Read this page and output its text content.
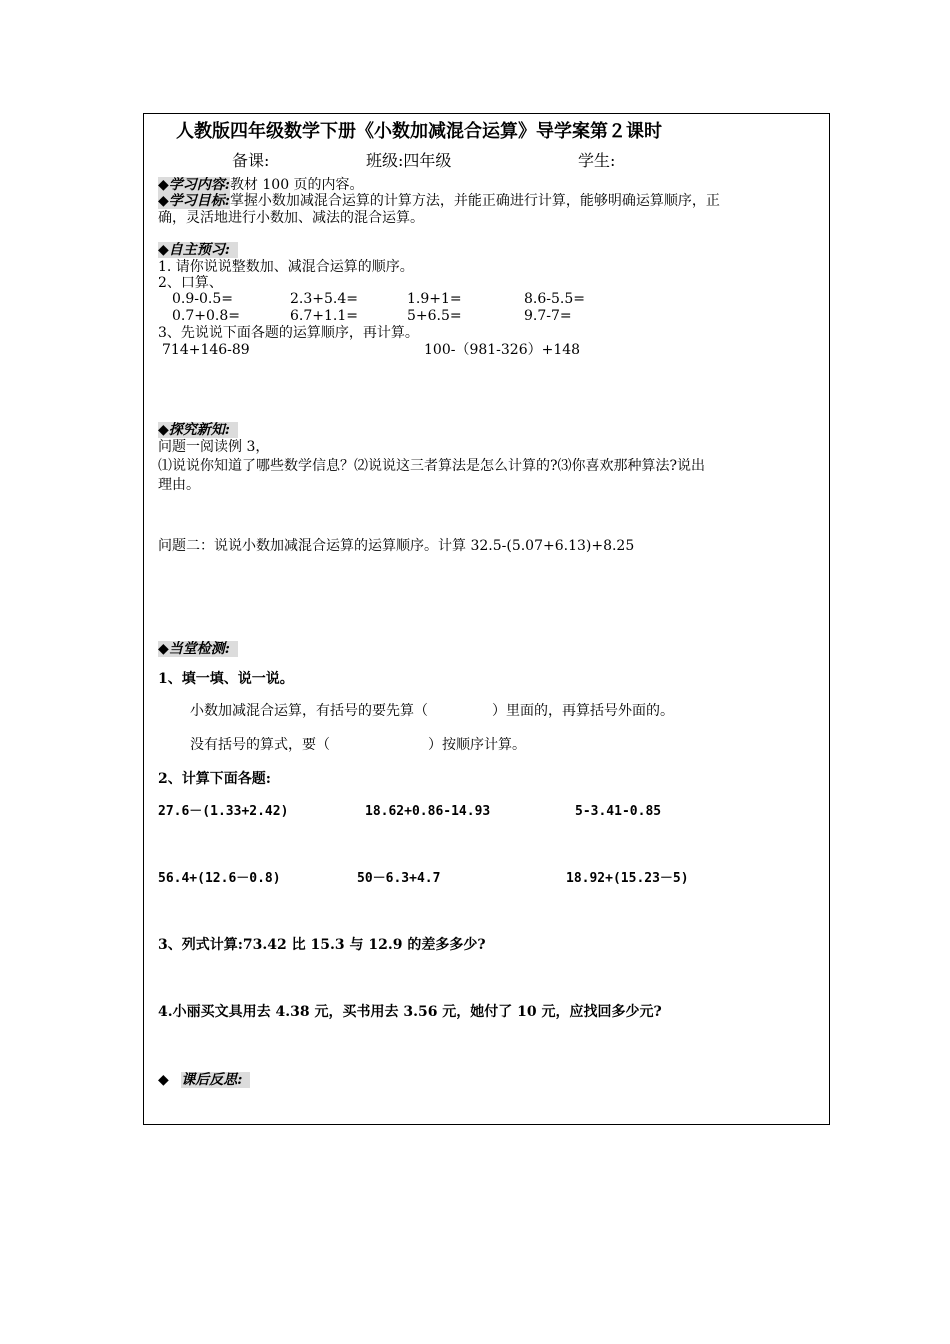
人教版四年级数学下册《小数加减混合运算》导学案第２课时
备课:	班级:四年级	学生:
◆学习内容:教材 100 页的内容。
◆学习目标:掌握小数加减混合运算的计算方法，并能正确进行计算，能够明确运算顺序，正
确，灵活地进行小数加、减法的混合运算。
◆自主预习:
1. 请你说说整数加、减混合运算的顺序。
2、口算、
0.9-0.5=	2.3+5.4=	1.9+1=	8.6-5.5=
0.7+0.8=	6.7+1.1=	5+6.5=	9.7-7=
3、先说说下面各题的运算顺序，再计算。
714+146-89	100-（981-326）+148
◆探究新知:
问题一阅读例 3，
⑴说说你知道了哪些数学信息？⑵说说这三者算法是怎么计算的?⑶你喜欢那种算法?说出
理由。
问题二：说说小数加减混合运算的运算顺序。计算 32.5-(5.07+6.13)+8.25
◆当堂检测:
1、填一填、说一说。
小数加减混合运算，有括号的要先算（	）里面的，再算括号外面的。
没有括号的算式，要（	）按顺序计算。
2、计算下面各题:
27.6－(1.33+2.42)	18.62+0.86-14.93	5-3.41-0.85
56.4+(12.6－0.8)	50－6.3+4.7	18.92+(15.23－5)
3、列式计算:73.42 比 15.3 与 12.9 的差多多少?
4.小丽买文具用去 4.38 元，买书用去 3.56 元，她付了 10 元，应找回多少元?
◆ 课后反思:
